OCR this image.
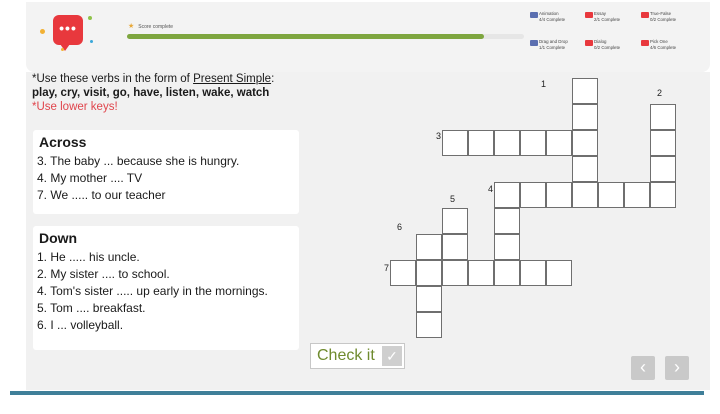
•••	★ Score complete
Animation
4/4 Complete
Essay
2/1 Complete
True-False
0/2 Complete
Drag and Drop
1/1 Complete
Dialog
0/2 Complete
Pick One
4/6 Complete
*Use these verbs in the form of Present Simple:
play, cry, visit, go, have, listen, wake, watch
*Use lower keys!
Across
3. The baby ... because she is hungry.
4. My mother .... TV
7. We ..... to our teacher
Down
1. He ..... his uncle.
2. My sister .... to school.
4. Tom's sister ..... up early in the mornings.
5. Tom .... breakfast.
6. I ... volleyball.
1
2
3
4
5
6
7
Check it ✓
‹	›
